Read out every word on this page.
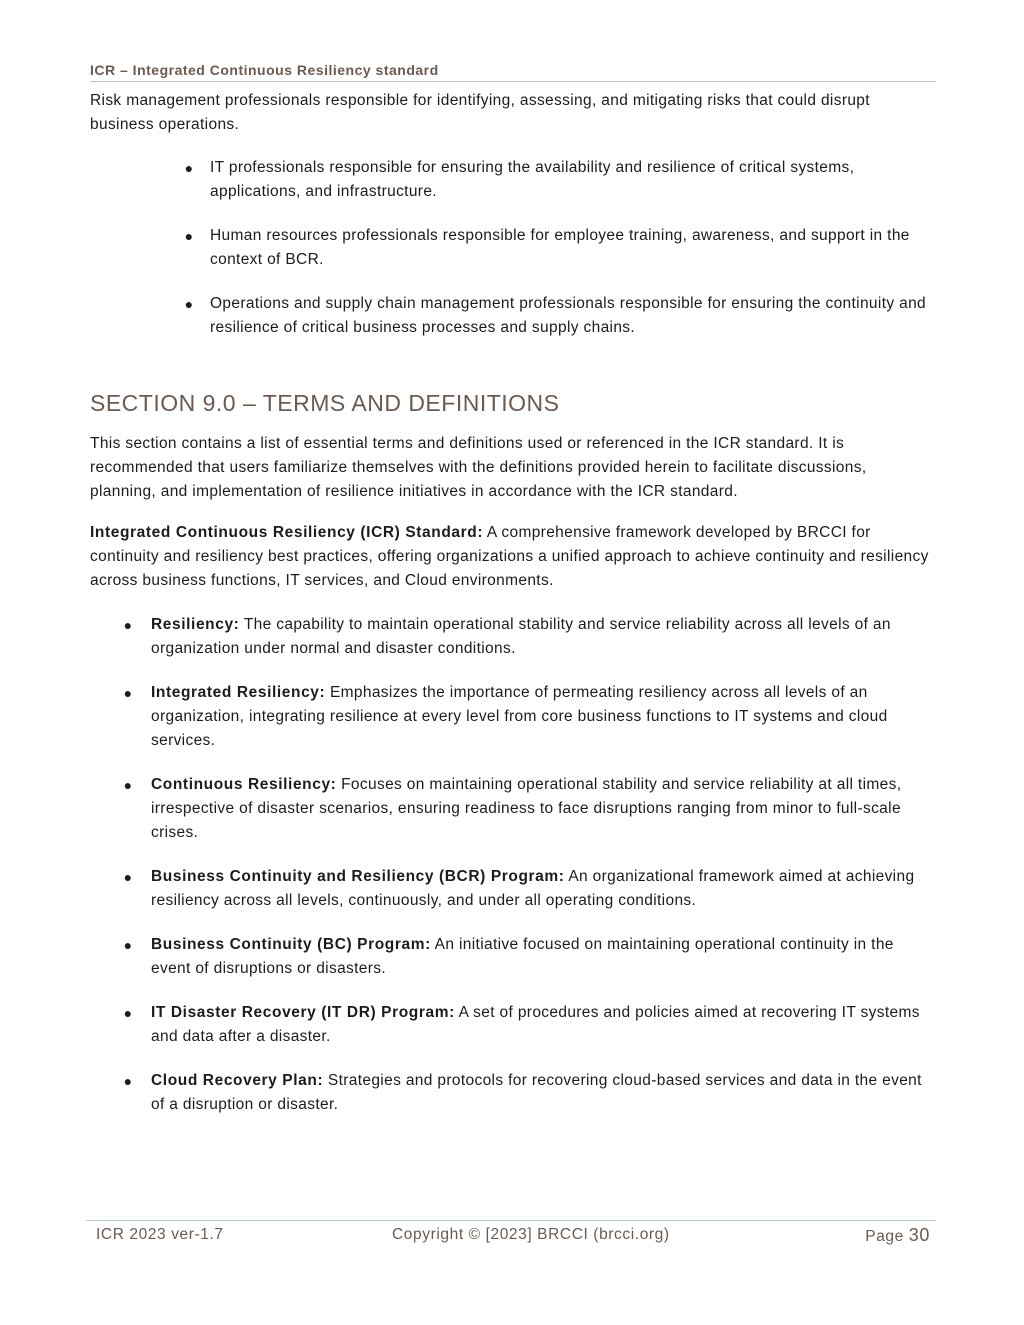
ICR – Integrated Continuous Resiliency standard

Risk management professionals responsible for identifying, assessing, and mitigating risks that could disrupt business operations.

● IT professionals responsible for ensuring the availability and resilience of critical systems, applications, and infrastructure.
● Human resources professionals responsible for employee training, awareness, and support in the context of BCR.
● Operations and supply chain management professionals responsible for ensuring the continuity and resilience of critical business processes and supply chains.
SECTION 9.0 – TERMS AND DEFINITIONS

This section contains a list of essential terms and definitions used or referenced in the ICR standard. It is recommended that users familiarize themselves with the definitions provided herein to facilitate discussions, planning, and implementation of resilience initiatives in accordance with the ICR standard.

Integrated Continuous Resiliency (ICR) Standard: A comprehensive framework developed by BRCCI for continuity and resiliency best practices, offering organizations a unified approach to achieve continuity and resiliency across business functions, IT services, and Cloud environments.

● Resiliency: The capability to maintain operational stability and service reliability across all levels of an organization under normal and disaster conditions.
● Integrated Resiliency: Emphasizes the importance of permeating resiliency across all levels of an organization, integrating resilience at every level from core business functions to IT systems and cloud services.
● Continuous Resiliency: Focuses on maintaining operational stability and service reliability at all times, irrespective of disaster scenarios, ensuring readiness to face disruptions ranging from minor to full-scale crises.
● Business Continuity and Resiliency (BCR) Program: An organizational framework aimed at achieving resiliency across all levels, continuously, and under all operating conditions.
● Business Continuity (BC) Program: An initiative focused on maintaining operational continuity in the event of disruptions or disasters.
● IT Disaster Recovery (IT DR) Program: A set of procedures and policies aimed at recovering IT systems and data after a disaster.
● Cloud Recovery Plan: Strategies and protocols for recovering cloud-based services and data in the event of a disruption or disaster.
ICR 2023 ver-1.7	Copyright © [2023] BRCCI (brcci.org)	Page 30
